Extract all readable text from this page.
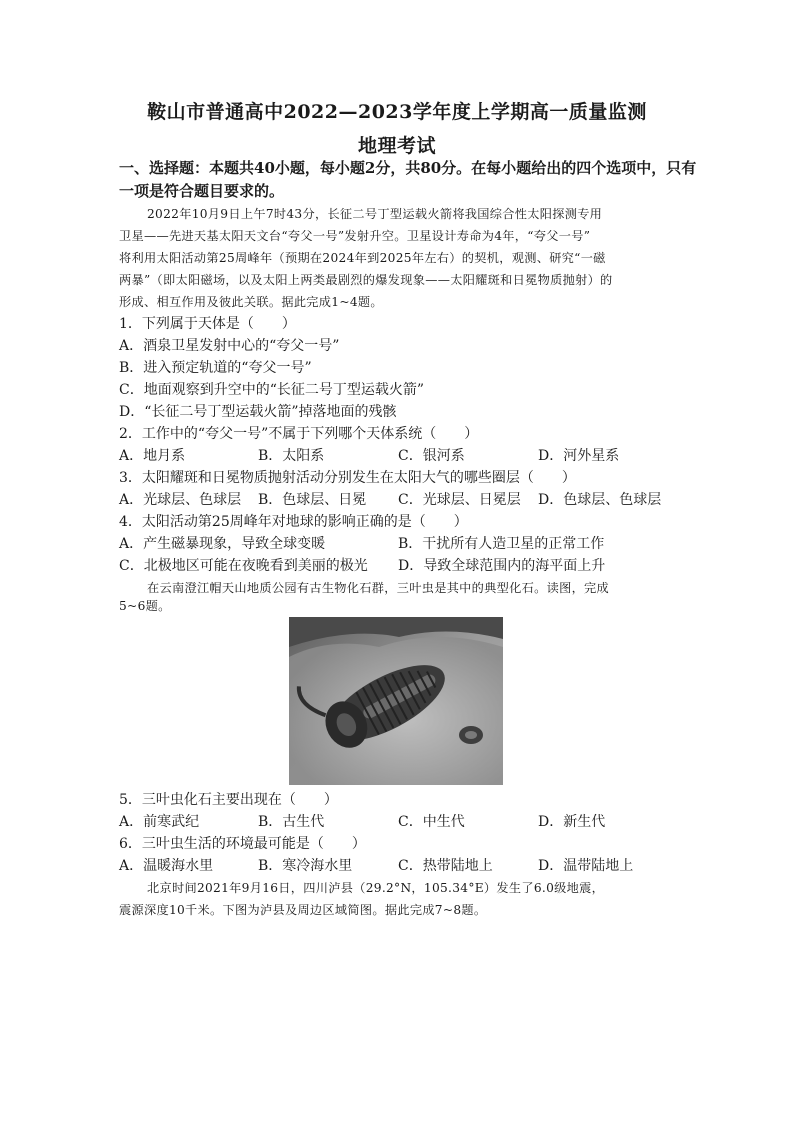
鞍山市普通高中2022—2023学年度上学期高一质量监测
地理考试
一、选择题：本题共40小题，每小题2分，共80分。在每小题给出的四个选项中，只有
一项是符合题目要求的。
2022年10月9日上午7时43分，长征二号丁型运载火箭将我国综合性太阳探测专用
卫星——先进天基太阳天文台“夸父一号”发射升空。卫星设计寿命为4年，“夸父一号”
将利用太阳活动第25周峰年（预期在2024年到2025年左右）的契机，观测、研究“一磁
两暴”（即太阳磁场，以及太阳上两类最剧烈的爆发现象——太阳耀斑和日冕物质抛射）的
形成、相互作用及彼此关联。据此完成1~4题。
1．下列属于天体是（　　）
A．酒泉卫星发射中心的“夸父一号”
B．进入预定轨道的“夸父一号”
C．地面观察到升空中的“长征二号丁型运载火箭”
D．“长征二号丁型运载火箭”掉落地面的残骸
2．工作中的“夸父一号”不属于下列哪个天体系统（　　）
A．地月系	B．太阳系	C．银河系	D．河外星系
3．太阳耀斑和日冕物质抛射活动分别发生在太阳大气的哪些圈层（　　）
A．光球层、色球层 B．色球层、日冕 C．光球层、日冕层 D．色球层、色球层
4．太阳活动第25周峰年对地球的影响正确的是（　　）
A．产生磁暴现象，导致全球变暖	B．干扰所有人造卫星的正常工作
C．北极地区可能在夜晚看到美丽的极光 D．导致全球范围内的海平面上升
在云南澄江帽天山地质公园有古生物化石群，三叶虫是其中的典型化石。读图，完成
5~6题。
5．三叶虫化石主要出现在（　　）
A．前寒武纪	B．古生代	C．中生代	D．新生代
6．三叶虫生活的环境最可能是（　　）
A．温暖海水里	B．寒冷海水里	C．热带陆地上	D．温带陆地上
北京时间2021年9月16日，四川泸县（29.2°N，105.34°E）发生了6.0级地震，
震源深度10千米。下图为泸县及周边区域简图。据此完成7~8题。
